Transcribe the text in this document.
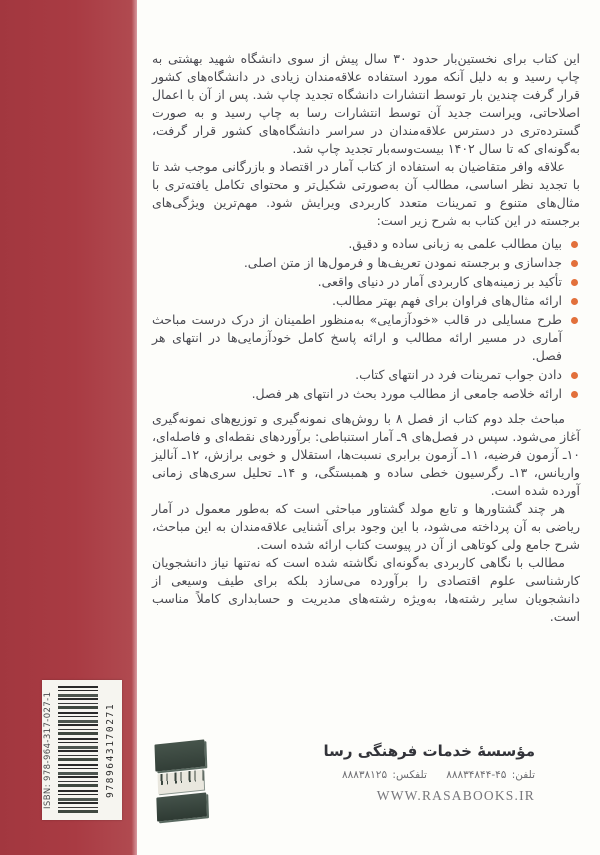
ISBN: 978-964-317-027-1	9789643170271

این کتاب برای نخستین‌بار حدود ۳۰ سال پیش از سوی دانشگاه شهید بهشتی به چاپ رسید و به دلیل آنکه مورد استفاده علاقه‌مندان زیادی در دانشگاه‌های کشور قرار گرفت چندین بار توسط انتشارات دانشگاه تجدید چاپ شد. پس از آن با اعمال اصلاحاتی، ویراست جدید آن توسط انتشارات رسا به چاپ رسید و به صورت گسترده‌تری در دسترس علاقه‌مندان در سراسر دانشگاه‌های کشور قرار گرفت، به‌گونه‌ای که تا سال ۱۴۰۲ بیست‌وسه‌بار تجدید چاپ شد.

علاقه وافر متقاضیان به استفاده از کتاب آمار در اقتصاد و بازرگانی موجب شد تا با تجدید نظر اساسی، مطالب آن به‌صورتی شکیل‌تر و محتوای تکامل یافته‌تری با مثال‌های متنوع و تمرینات متعدد کاربردی ویرایش شود. مهم‌ترین ویژگی‌های برجسته در این کتاب به شرح زیر است:

بیان مطالب علمی به زبانی ساده و دقیق.
جداسازی و برجسته نمودن تعریف‌ها و فرمول‌ها از متن اصلی.
تأکید بر زمینه‌های کاربردی آمار در دنیای واقعی.
ارائه مثال‌های فراوان برای فهم بهتر مطالب.
طرح مسایلی در قالب «خودآزمایی» به‌منظور اطمینان از درک درست مباحث آماری در مسیر ارائه مطالب و ارائه پاسخ کامل خودآزمایی‌ها در انتهای هر فصل.
دادن جواب تمرینات فرد در انتهای کتاب.
ارائه خلاصه جامعی از مطالب مورد بحث در انتهای هر فصل.

مباحث جلد دوم کتاب از فصل ۸ با روش‌های نمونه‌گیری و توزیع‌های نمونه‌گیری آغاز می‌شود. سپس در فصل‌های ۹ـ آمار استنباطی: برآوردهای نقطه‌ای و فاصله‌ای، ۱۰ـ آزمون فرضیه، ۱۱ـ آزمون برابری نسبت‌ها، استقلال و خوبی برازش، ۱۲ـ آنالیز واریانس، ۱۳ـ رگرسیون خطی ساده و همبستگی، و ۱۴ـ تحلیل سری‌های زمانی آورده شده است.

هر چند گشتاورها و تابع مولد گشتاور مباحثی است که به‌طور معمول در آمار ریاضی به آن پرداخته می‌شود، با این وجود برای آشنایی علاقه‌مندان به این مباحث، شرح جامع ولی کوتاهی از آن در پیوست کتاب ارائه شده است.

مطالب با نگاهی کاربردی به‌گونه‌ای نگاشته شده است که نه‌تنها نیاز دانشجویان کارشناسی علوم اقتصادی را برآورده می‌سازد بلکه برای طیف وسیعی از دانشجویان سایر رشته‌ها، به‌ویژه رشته‌های مدیریت و حسابداری کاملاً مناسب است.

مؤسسهٔ خدمات فرهنگی رسا
تلفن: ۴۵-۸۸۸۳۴۸۴۴ تلفکس: ۸۸۸۳۸۱۲۵
WWW.RASABOOKS.IR
